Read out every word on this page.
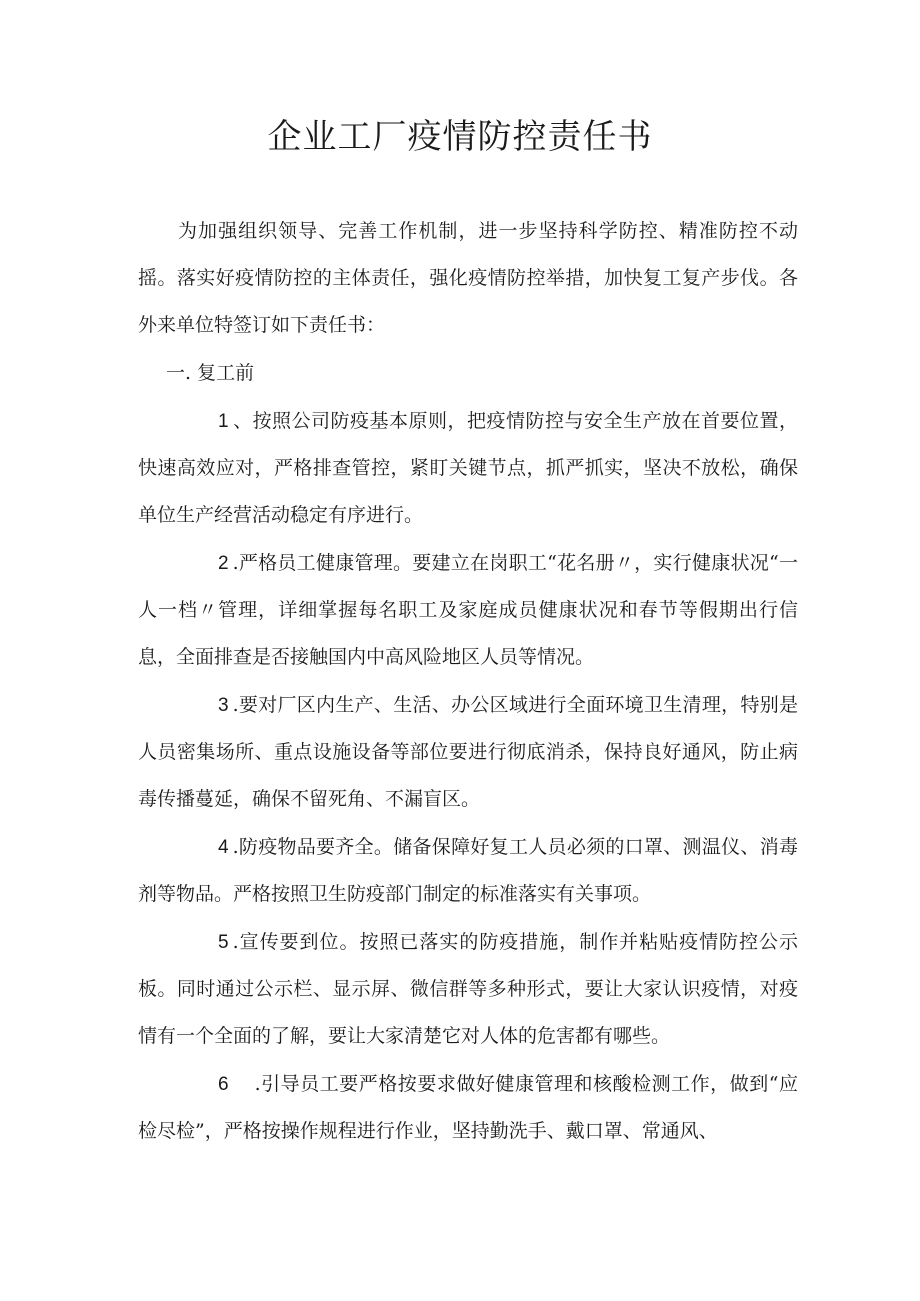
企业工厂疫情防控责任书

为加强组织领导、完善工作机制，进一步坚持科学防控、精准防控不动摇。落实好疫情防控的主体责任，强化疫情防控举措，加快复工复产步伐。各外来单位特签订如下责任书：

一. 复工前

1 、按照公司防疫基本原则，把疫情防控与安全生产放在首要位置，快速高效应对，严格排查管控，紧盯关键节点，抓严抓实，坚决不放松，确保单位生产经营活动稳定有序进行。

2 .严格员工健康管理。要建立在岗职工“花名册〃，实行健康状况“一人一档〃管理，详细掌握每名职工及家庭成员健康状况和春节等假期出行信息，全面排查是否接触国内中高风险地区人员等情况。

3 .要对厂区内生产、生活、办公区域进行全面环境卫生清理，特别是人员密集场所、重点设施设备等部位要进行彻底消杀，保持良好通风，防止病毒传播蔓延，确保不留死角、不漏盲区。

4 .防疫物品要齐全。储备保障好复工人员必须的口罩、测温仪、消毒剂等物品。严格按照卫生防疫部门制定的标准落实有关事项。

5 .宣传要到位。按照已落实的防疫措施，制作并粘贴疫情防控公示板。同时通过公示栏、显示屏、微信群等多种形式，要让大家认识疫情，对疫情有一个全面的了解，要让大家清楚它对人体的危害都有哪些。

6 .引导员工要严格按要求做好健康管理和核酸检测工作，做到“应检尽检”，严格按操作规程进行作业，坚持勤洗手、戴口罩、常通风、
